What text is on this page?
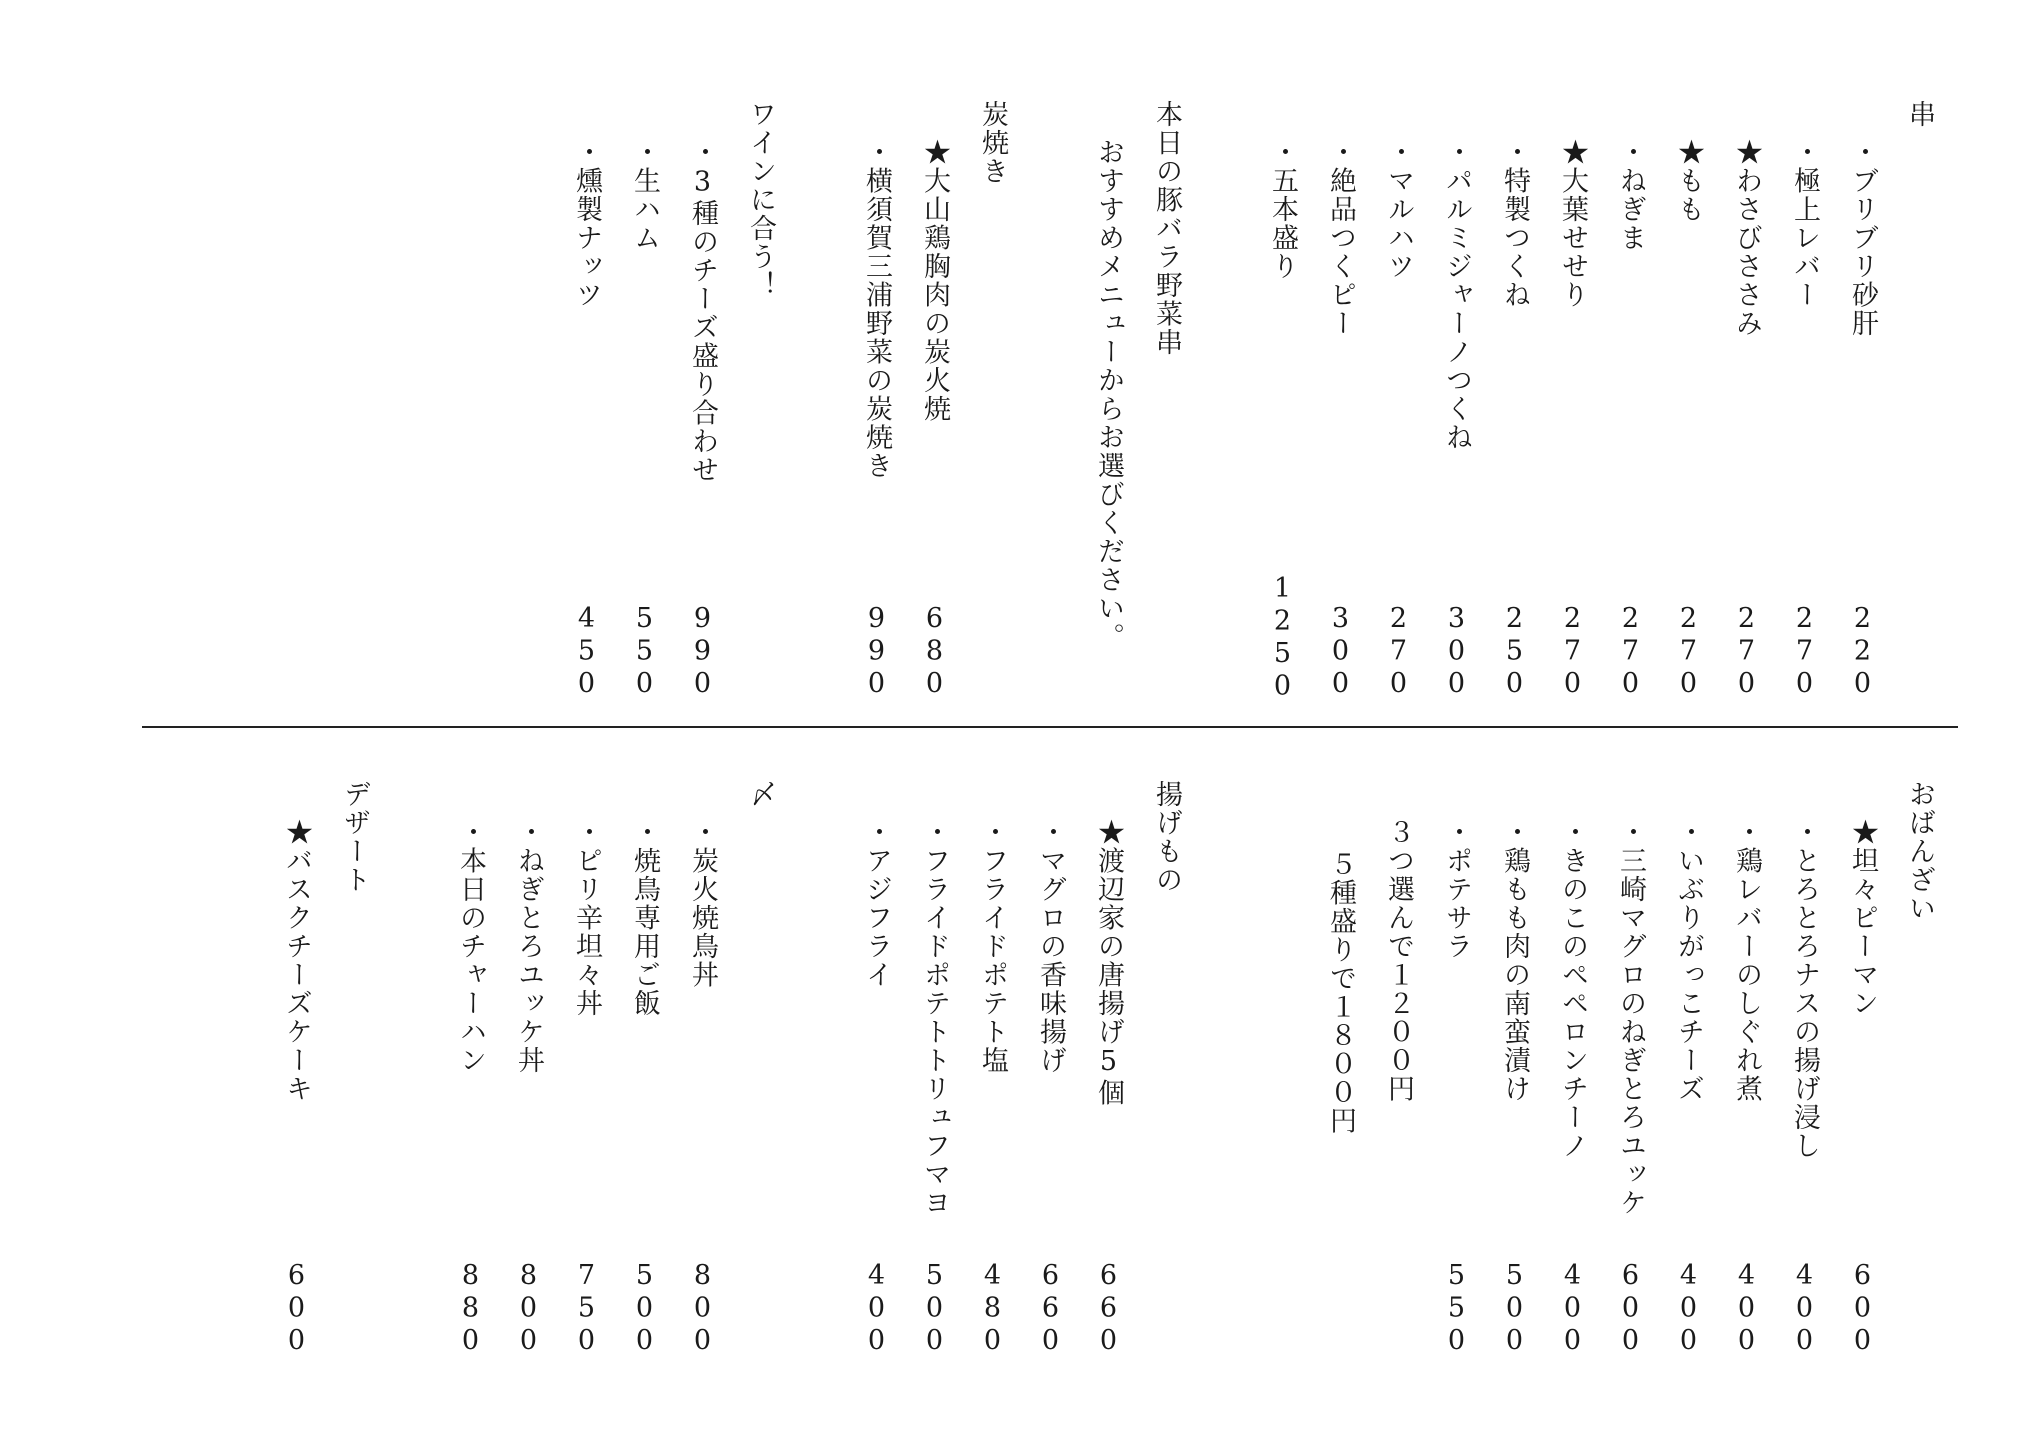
串
・ブリブリ砂肝
220
・極上レバー
270
★わさびささみ
270
★もも
270
・ねぎま
270
★大葉せせり
270
・特製つくね
250
・パルミジャーノつくね
300
・マルハツ
270
・絶品つくピー
300
・五本盛り
1250
本日の豚バラ野菜串
おすすめメニューからお選びください。
炭焼き
★大山鶏胸肉の炭火焼
680
・横須賀三浦野菜の炭焼き
990
ワインに合う！
・3種のチーズ盛り合わせ
990
・生ハム
550
・燻製ナッツ
450
おばんざい
★坦々ピーマン
600
・とろとろナスの揚げ浸し
400
・鶏レバーのしぐれ煮
400
・いぶりがっこチーズ
400
・三崎マグロのねぎとろユッケ
600
・きのこのペペロンチーノ
400
・鶏もも肉の南蛮漬け
500
・ポテサラ
550
３つ選んで１２００円
５種盛りで１８００円
揚げもの
★渡辺家の唐揚げ5個
660
・マグロの香味揚げ
660
・フライドポテト塩
480
・フライドポテトトリュフマヨ
500
・アジフライ
400
〆
・炭火焼鳥丼
800
・焼鳥専用ご飯
500
・ピリ辛坦々丼
750
・ねぎとろユッケ丼
800
・本日のチャーハン
880
デザート
★バスクチーズケーキ
600
